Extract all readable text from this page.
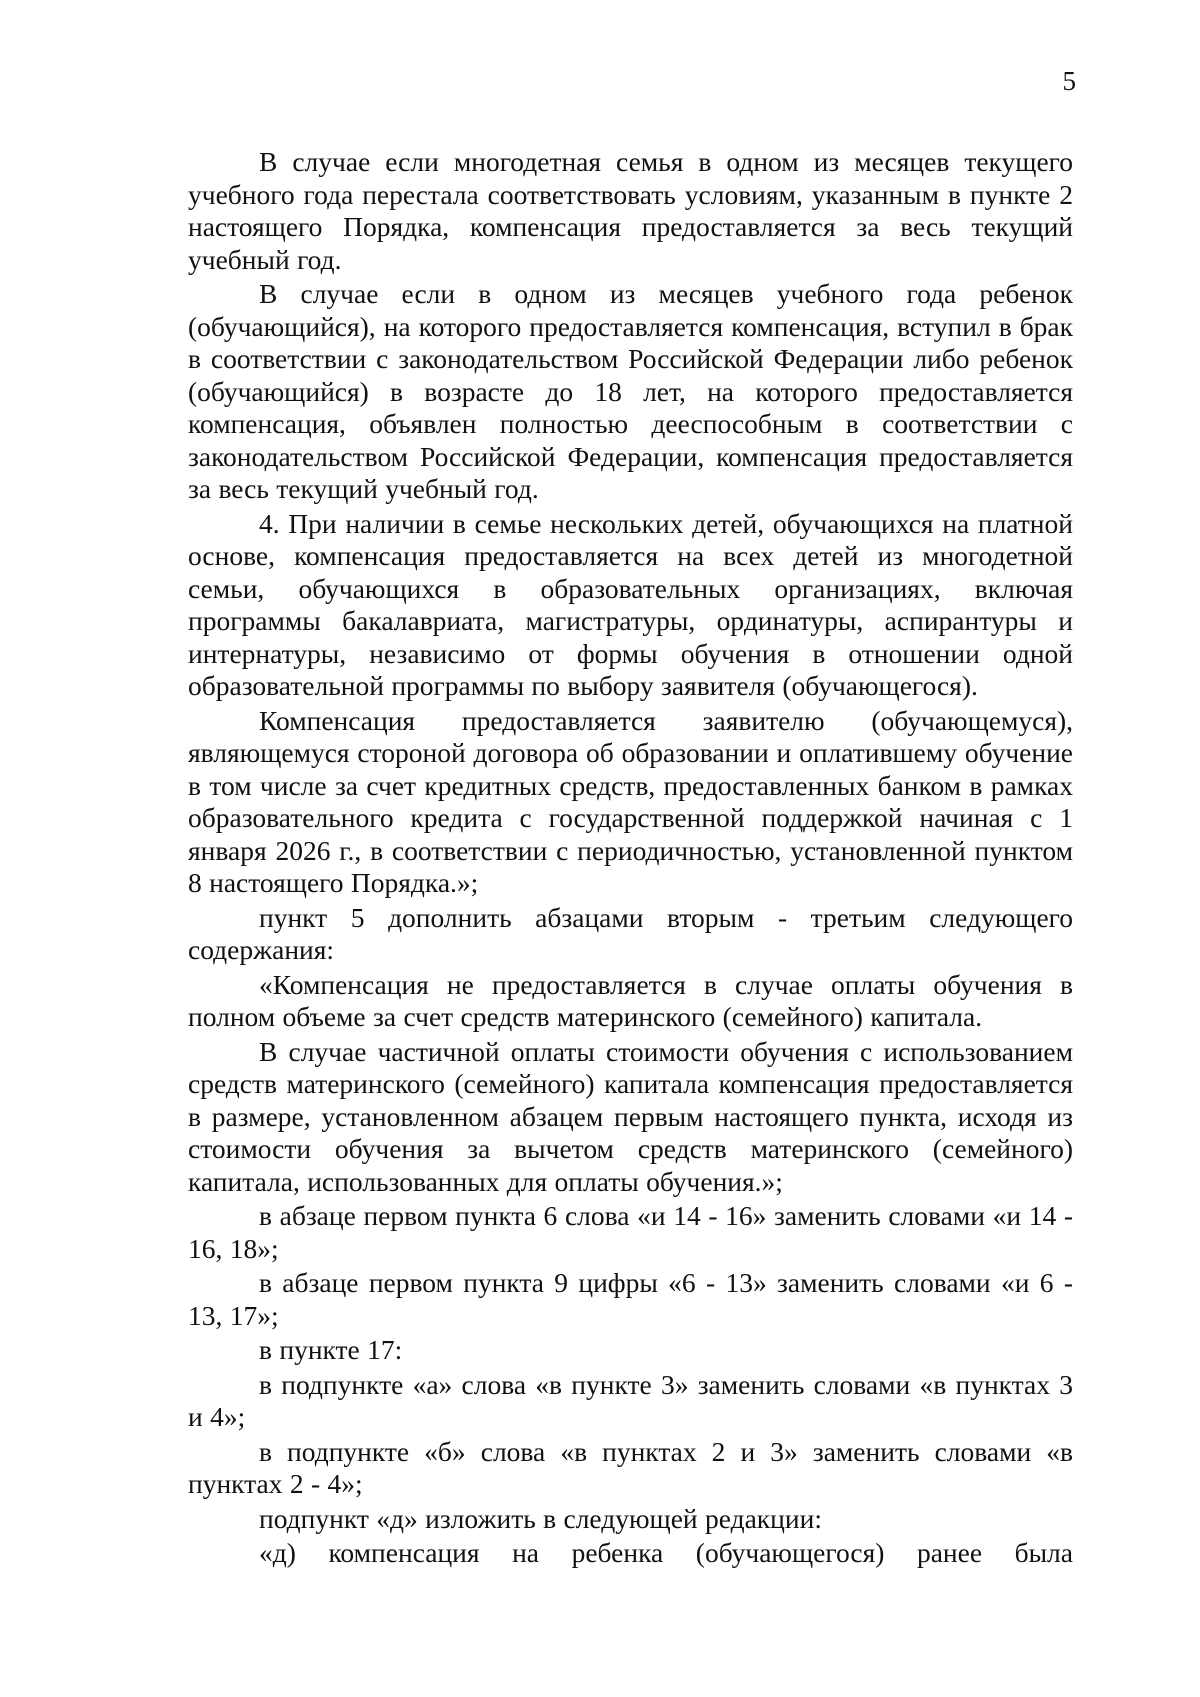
5

В случае если многодетная семья в одном из месяцев текущего учебного года перестала соответствовать условиям, указанным в пункте 2 настоящего Порядка, компенсация предоставляется за весь текущий учебный год.

В случае если в одном из месяцев учебного года ребенок (обучающийся), на которого предоставляется компенсация, вступил в брак в соответствии с законодательством Российской Федерации либо ребенок (обучающийся) в возрасте до 18 лет, на которого предоставляется компенсация, объявлен полностью дееспособным в соответствии с законодательством Российской Федерации, компенсация предоставляется за весь текущий учебный год.

4. При наличии в семье нескольких детей, обучающихся на платной основе, компенсация предоставляется на всех детей из многодетной семьи, обучающихся в образовательных организациях, включая программы бакалавриата, магистратуры, ординатуры, аспирантуры и интернатуры, независимо от формы обучения в отношении одной образовательной программы по выбору заявителя (обучающегося).

Компенсация предоставляется заявителю (обучающемуся), являющемуся стороной договора об образовании и оплатившему обучение в том числе за счет кредитных средств, предоставленных банком в рамках образовательного кредита с государственной поддержкой начиная с 1 января 2026 г., в соответствии с периодичностью, установленной пунктом 8 настоящего Порядка.»;

пункт 5 дополнить абзацами вторым - третьим следующего содержания:

«Компенсация не предоставляется в случае оплаты обучения в полном объеме за счет средств материнского (семейного) капитала.

В случае частичной оплаты стоимости обучения с использованием средств материнского (семейного) капитала компенсация предоставляется в размере, установленном абзацем первым настоящего пункта, исходя из стоимости обучения за вычетом средств материнского (семейного) капитала, использованных для оплаты обучения.»;

в абзаце первом пункта 6 слова «и 14 - 16» заменить словами «и 14 - 16, 18»;

в абзаце первом пункта 9 цифры «6 - 13» заменить словами «и 6 - 13, 17»;

в пункте 17:

в подпункте «а» слова «в пункте 3» заменить словами «в пунктах 3 и 4»;

в подпункте «б» слова «в пунктах 2 и 3» заменить словами «в пунктах 2 - 4»;

подпункт «д» изложить в следующей редакции:

«д) компенсация на ребенка (обучающегося) ранее была
